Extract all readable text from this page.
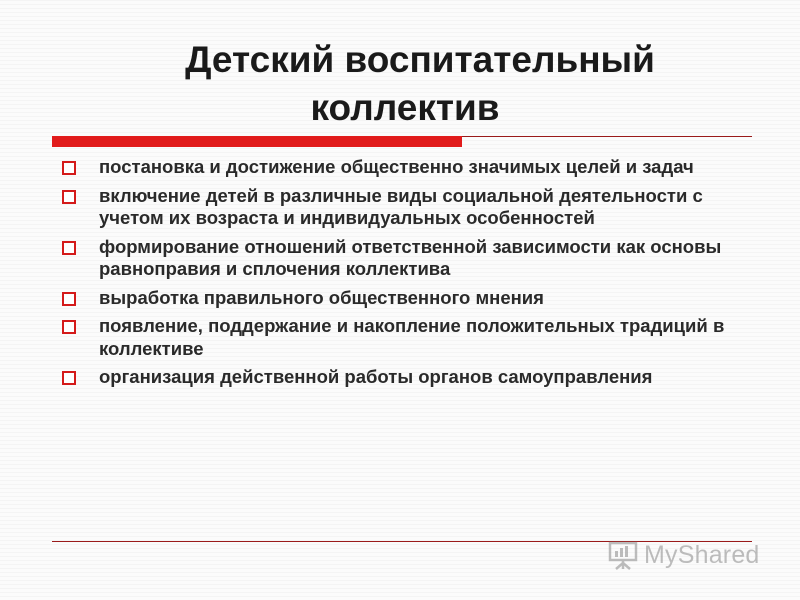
Детский воспитательный
коллектив
постановка и достижение общественно значимых целей и задач
включение детей в различные виды социальной деятельности с учетом их возраста и индивидуальных особенностей
формирование отношений ответственной зависимости как основы равноправия и сплочения коллектива
выработка правильного общественного мнения
появление, поддержание и накопление положительных традиций в коллективе
организация действенной работы органов самоуправления
MyShared
